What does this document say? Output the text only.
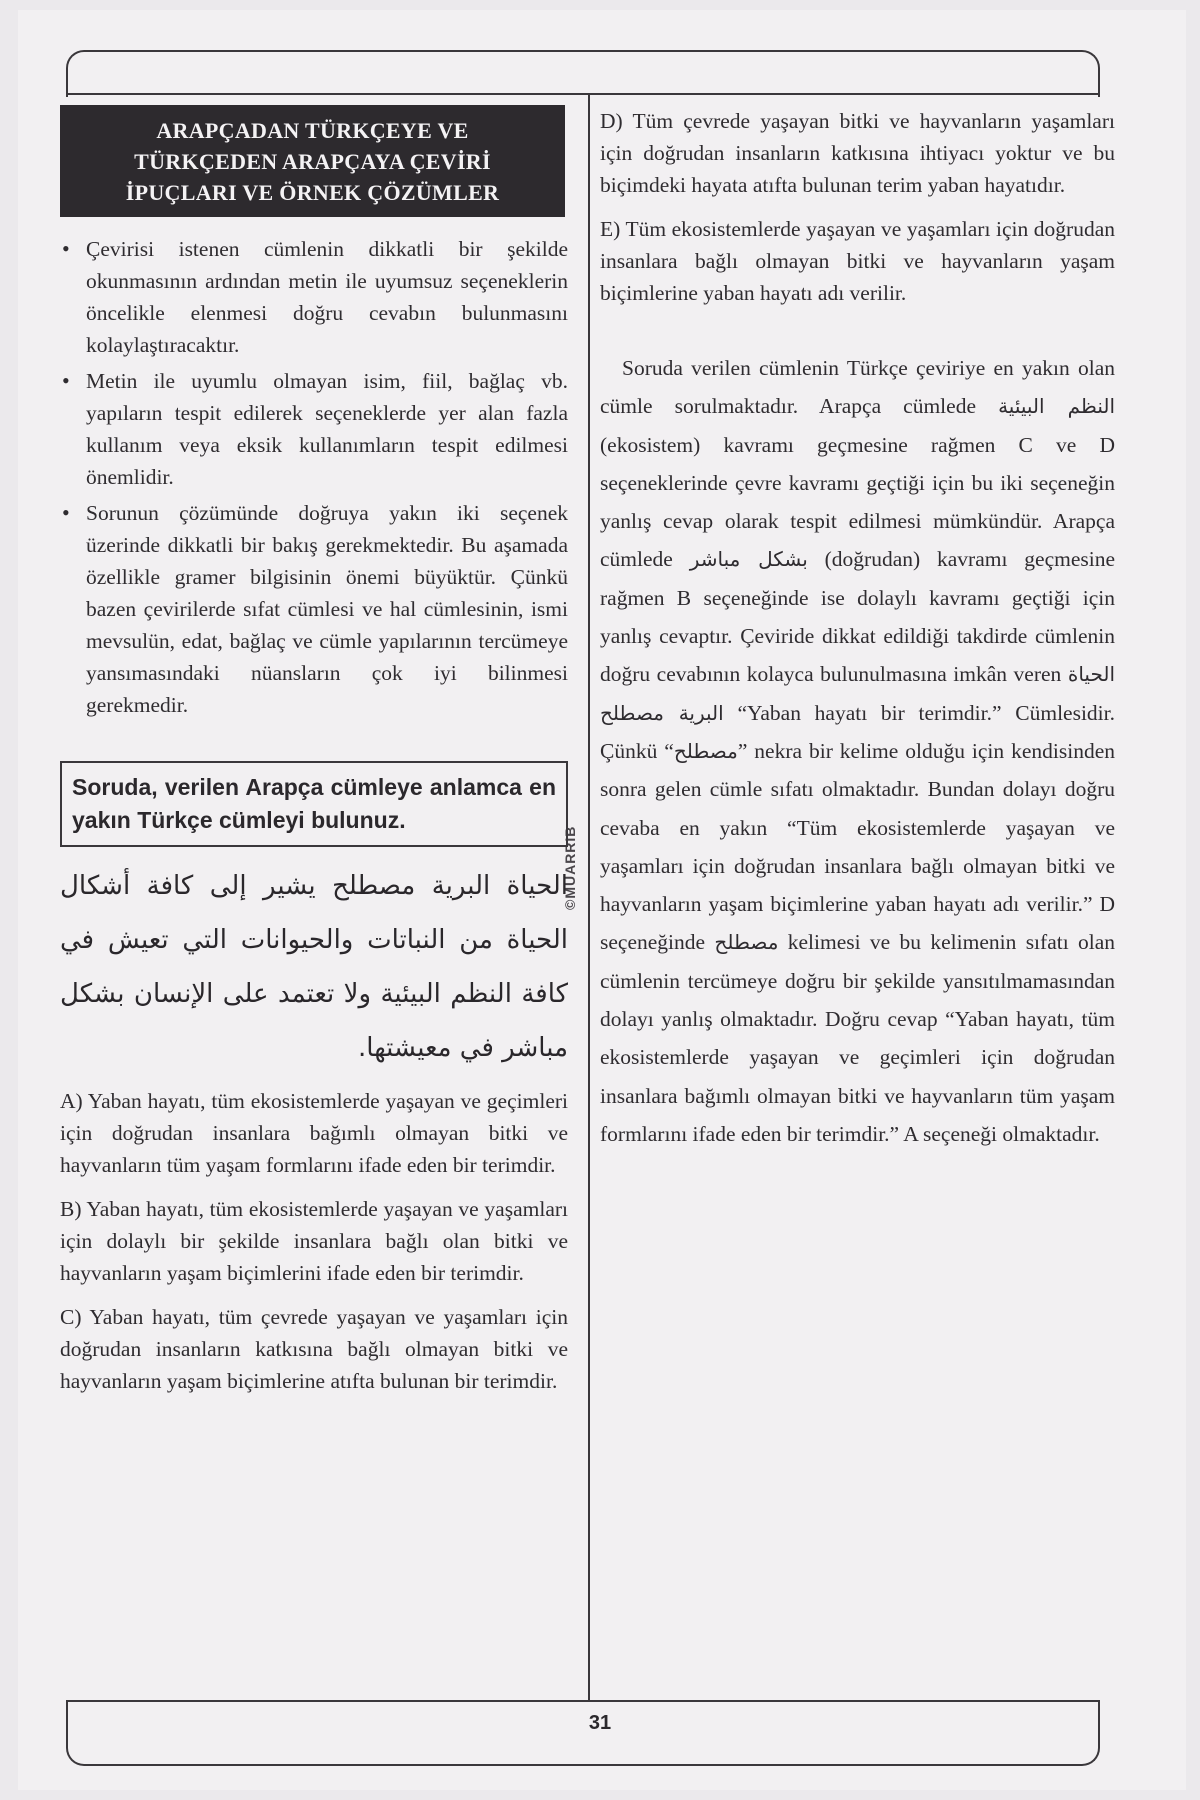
©MUARRIB
ARAPÇADAN TÜRKÇEYE VE
TÜRKÇEDEN ARAPÇAYA ÇEVİRİ
İPUÇLARI VE ÖRNEK ÇÖZÜMLER
• Çevirisi istenen cümlenin dikkatli bir şekilde okunmasının ardından metin ile uyumsuz seçeneklerin öncelikle elenmesi doğru cevabın bulunmasını kolaylaştıracaktır.
• Metin ile uyumlu olmayan isim, fiil, bağlaç vb. yapıların tespit edilerek seçeneklerde yer alan fazla kullanım veya eksik kullanımların tespit edilmesi önemlidir.
• Sorunun çözümünde doğruya yakın iki seçenek üzerinde dikkatli bir bakış gerekmektedir. Bu aşamada özellikle gramer bilgisinin önemi büyüktür. Çünkü bazen çevirilerde sıfat cümlesi ve hal cümlesinin, ismi mevsulün, edat, bağlaç ve cümle yapılarının tercümeye yansımasındaki nüansların çok iyi bilinmesi gerekmedir.
Soruda, verilen Arapça cümleye anlamca en yakın Türkçe cümleyi bulunuz.
الحياة البرية مصطلح يشير إلى كافة أشكال الحياة من النباتات والحيوانات التي تعيش في كافة النظم البيئية ولا تعتمد على الإنسان بشكل مباشر في معيشتها.

A) Yaban hayatı, tüm ekosistemlerde yaşayan ve geçimleri için doğrudan insanlara bağımlı olmayan bitki ve hayvanların tüm yaşam formlarını ifade eden bir terimdir.

B) Yaban hayatı, tüm ekosistemlerde yaşayan ve yaşamları için dolaylı bir şekilde insanlara bağlı olan bitki ve hayvanların yaşam biçimlerini ifade eden bir terimdir.

C) Yaban hayatı, tüm çevrede yaşayan ve yaşamları için doğrudan insanların katkısına bağlı olmayan bitki ve hayvanların yaşam biçimlerine atıfta bulunan bir terimdir.

D) Tüm çevrede yaşayan bitki ve hayvanların yaşamları için doğrudan insanların katkısına ihtiyacı yoktur ve bu biçimdeki hayata atıfta bulunan terim yaban hayatıdır.

E) Tüm ekosistemlerde yaşayan ve yaşamları için doğrudan insanlara bağlı olmayan bitki ve hayvanların yaşam biçimlerine yaban hayatı adı verilir.

Soruda verilen cümlenin Türkçe çeviriye en yakın olan cümle sorulmaktadır. Arapça cümlede النظم البيئية (ekosistem) kavramı geçmesine rağmen C ve D seçeneklerinde çevre kavramı geçtiği için bu iki seçeneğin yanlış cevap olarak tespit edilmesi mümkündür. Arapça cümlede بشكل مباشر (doğrudan) kavramı geçmesine rağmen B seçeneğinde ise dolaylı kavramı geçtiği için yanlış cevaptır. Çeviride dikkat edildiği takdirde cümlenin doğru cevabının kolayca bulunulmasına imkân veren الحياة البرية مصطلح “Yaban hayatı bir terimdir.” Cümlesidir. Çünkü “مصطلح” nekra bir kelime olduğu için kendisinden sonra gelen cümle sıfatı olmaktadır. Bundan dolayı doğru cevaba en yakın “Tüm ekosistemlerde yaşayan ve yaşamları için doğrudan insanlara bağlı olmayan bitki ve hayvanların yaşam biçimlerine yaban hayatı adı verilir.” D seçeneğinde مصطلح kelimesi ve bu kelimenin sıfatı olan cümlenin tercümeye doğru bir şekilde yansıtılmamasından dolayı yanlış olmaktadır. Doğru cevap “Yaban hayatı, tüm ekosistemlerde yaşayan ve geçimleri için doğrudan insanlara bağımlı olmayan bitki ve hayvanların tüm yaşam formlarını ifade eden bir terimdir.” A seçeneği olmaktadır.

31
